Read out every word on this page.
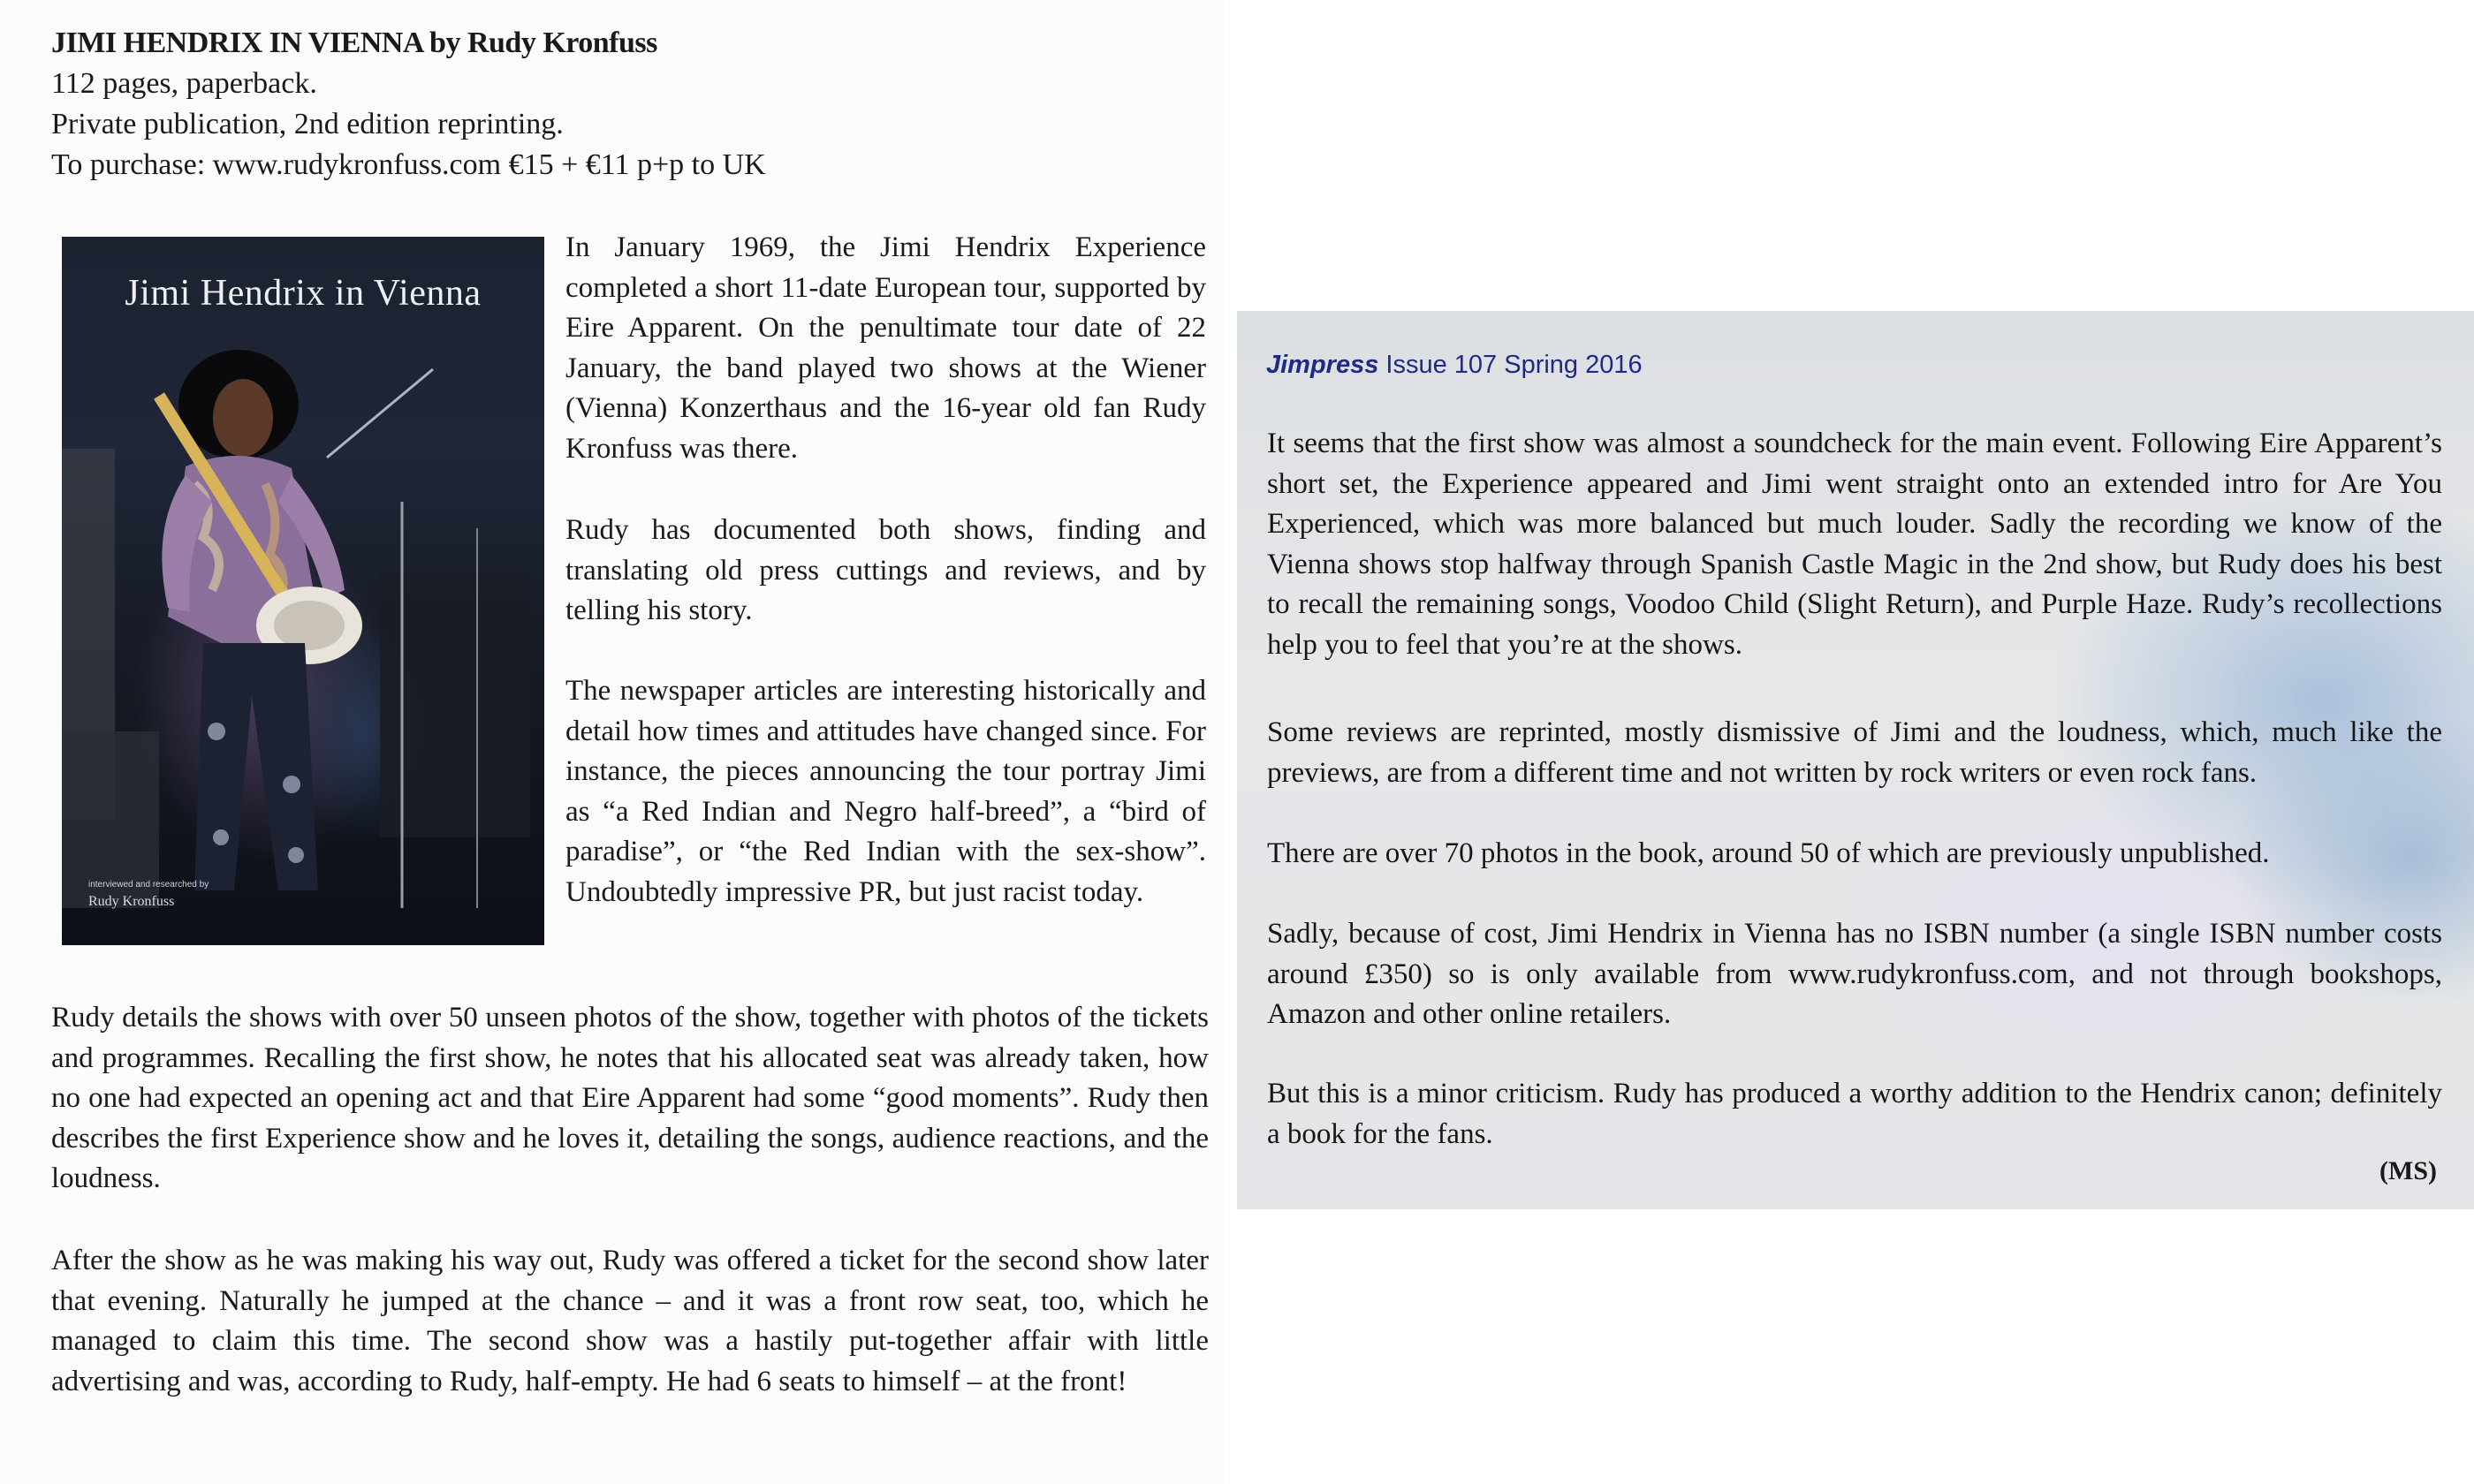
JIMI HENDRIX IN VIENNA by Rudy Kronfuss
112 pages, paperback.
Private publication, 2nd edition reprinting.
To purchase: www.rudykronfuss.com €15 + €11 p+p to UK
Jimi Hendrix in Vienna
interviewed and researched by
Rudy Kronfuss

In January 1969, the Jimi Hendrix Experience completed a short 11-date European tour, supported by Eire Apparent. On the penultimate tour date of 22 January, the band played two shows at the Wiener (Vienna) Konzerthaus and the 16-year old fan Rudy Kronfuss was there.

Rudy has documented both shows, finding and translating old press cuttings and reviews, and by telling his story.

The newspaper articles are interesting historically and detail how times and attitudes have changed since. For instance, the pieces announcing the tour portray Jimi as “a Red Indian and Negro half-breed”, a “bird of paradise”, or “the Red Indian with the sex-show”. Undoubtedly impressive PR, but just racist today.

Rudy details the shows with over 50 unseen photos of the show, together with photos of the tickets and programmes. Recalling the first show, he notes that his allocated seat was already taken, how no one had expected an opening act and that Eire Apparent had some “good moments”. Rudy then describes the first Experience show and he loves it, detailing the songs, audience reactions, and the loudness.

After the show as he was making his way out, Rudy was offered a ticket for the second show later that evening. Naturally he jumped at the chance – and it was a front row seat, too, which he managed to claim this time. The second show was a hastily put-together affair with little advertising and was, according to Rudy, half-empty. He had 6 seats to himself – at the front!

Jimpress Issue 107 Spring 2016

It seems that the first show was almost a soundcheck for the main event. Following Eire Apparent’s short set, the Experience appeared and Jimi went straight onto an extended intro for Are You Experienced, which was more balanced but much louder. Sadly the recording we know of the Vienna shows stop halfway through Spanish Castle Magic in the 2nd show, but Rudy does his best to recall the remaining songs, Voodoo Child (Slight Return), and Purple Haze. Rudy’s recollections help you to feel that you’re at the shows.

Some reviews are reprinted, mostly dismissive of Jimi and the loudness, which, much like the previews, are from a different time and not written by rock writers or even rock fans.

There are over 70 photos in the book, around 50 of which are previously unpublished.

Sadly, because of cost, Jimi Hendrix in Vienna has no ISBN number (a single ISBN number costs around £350) so is only available from www.rudykronfuss.com, and not through bookshops, Amazon and other online retailers.

But this is a minor criticism. Rudy has produced a worthy addition to the Hendrix canon; definitely a book for the fans.

(MS)
